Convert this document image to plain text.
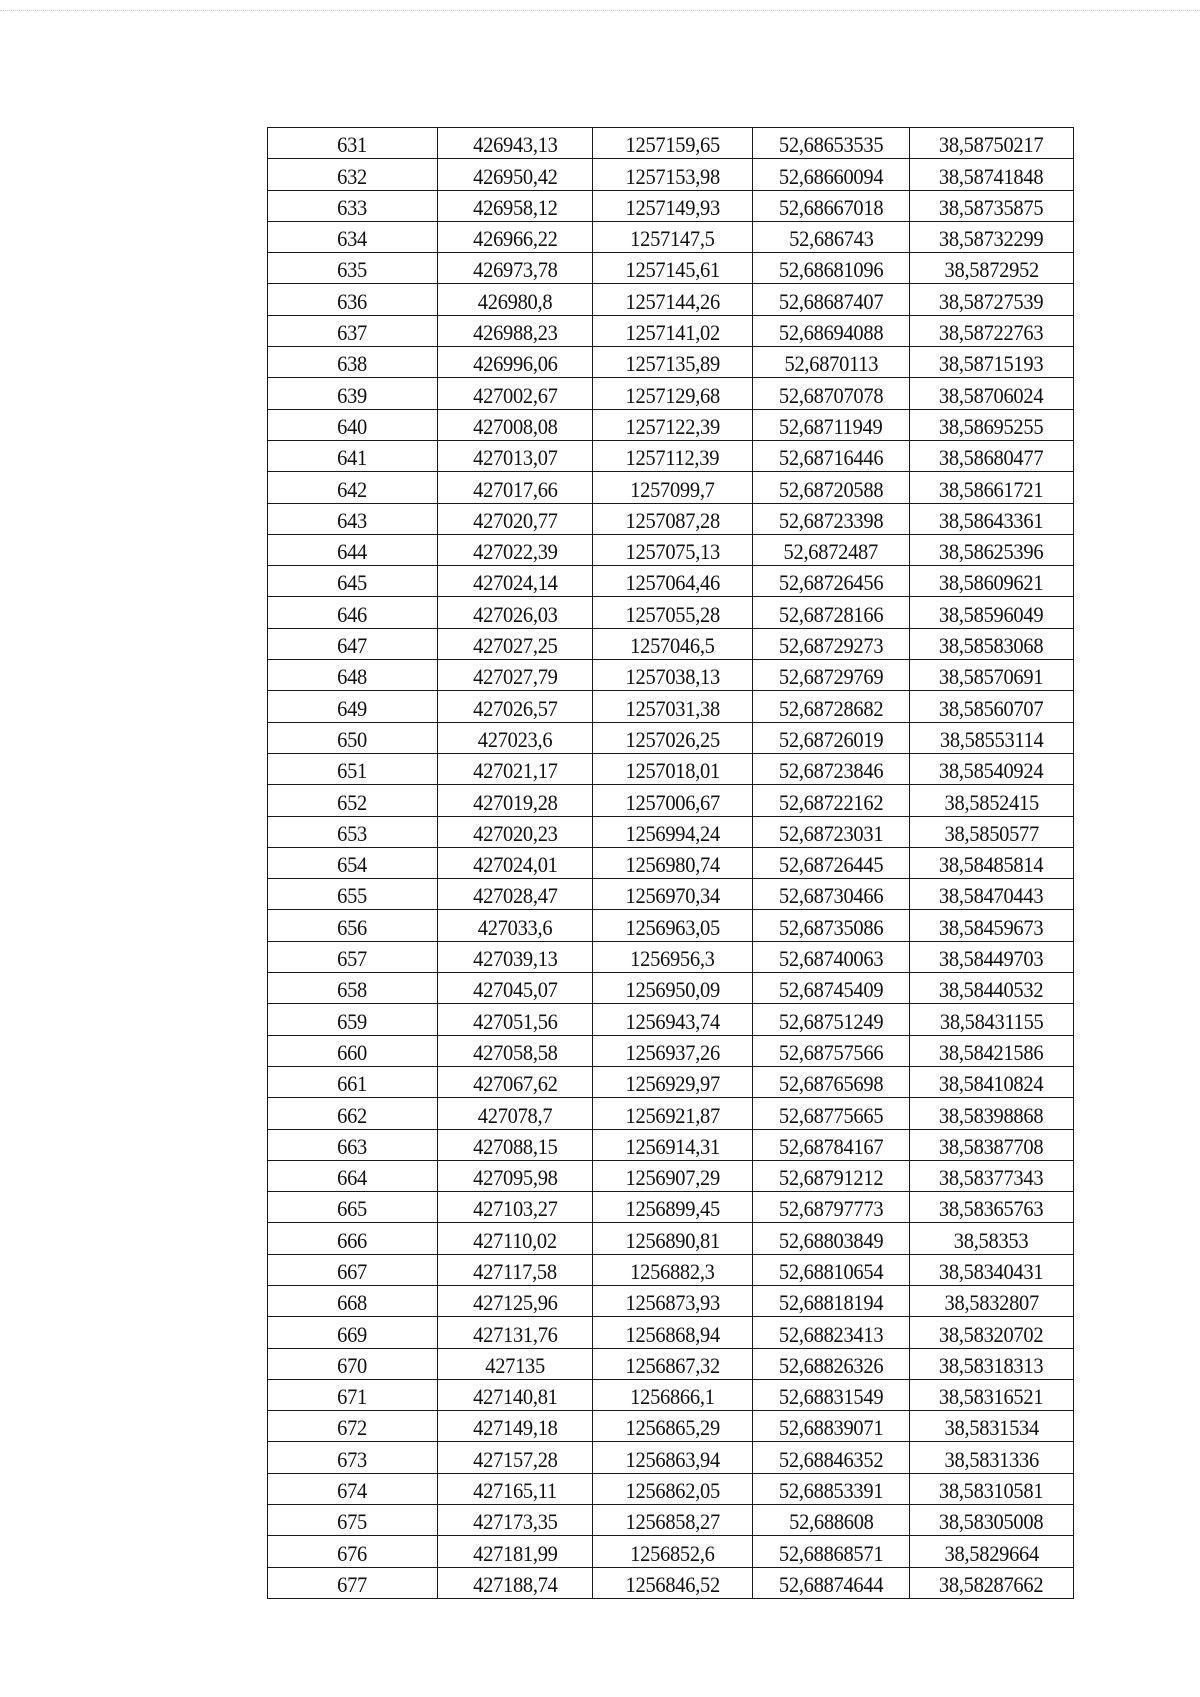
631	426943,13	1257159,65	52,68653535	38,58750217
632	426950,42	1257153,98	52,68660094	38,58741848
633	426958,12	1257149,93	52,68667018	38,58735875
634	426966,22	1257147,5	52,686743	38,58732299
635	426973,78	1257145,61	52,68681096	38,5872952
636	426980,8	1257144,26	52,68687407	38,58727539
637	426988,23	1257141,02	52,68694088	38,58722763
638	426996,06	1257135,89	52,6870113	38,58715193
639	427002,67	1257129,68	52,68707078	38,58706024
640	427008,08	1257122,39	52,68711949	38,58695255
641	427013,07	1257112,39	52,68716446	38,58680477
642	427017,66	1257099,7	52,68720588	38,58661721
643	427020,77	1257087,28	52,68723398	38,58643361
644	427022,39	1257075,13	52,6872487	38,58625396
645	427024,14	1257064,46	52,68726456	38,58609621
646	427026,03	1257055,28	52,68728166	38,58596049
647	427027,25	1257046,5	52,68729273	38,58583068
648	427027,79	1257038,13	52,68729769	38,58570691
649	427026,57	1257031,38	52,68728682	38,58560707
650	427023,6	1257026,25	52,68726019	38,58553114
651	427021,17	1257018,01	52,68723846	38,58540924
652	427019,28	1257006,67	52,68722162	38,5852415
653	427020,23	1256994,24	52,68723031	38,5850577
654	427024,01	1256980,74	52,68726445	38,58485814
655	427028,47	1256970,34	52,68730466	38,58470443
656	427033,6	1256963,05	52,68735086	38,58459673
657	427039,13	1256956,3	52,68740063	38,58449703
658	427045,07	1256950,09	52,68745409	38,58440532
659	427051,56	1256943,74	52,68751249	38,58431155
660	427058,58	1256937,26	52,68757566	38,58421586
661	427067,62	1256929,97	52,68765698	38,58410824
662	427078,7	1256921,87	52,68775665	38,58398868
663	427088,15	1256914,31	52,68784167	38,58387708
664	427095,98	1256907,29	52,68791212	38,58377343
665	427103,27	1256899,45	52,68797773	38,58365763
666	427110,02	1256890,81	52,68803849	38,58353
667	427117,58	1256882,3	52,68810654	38,58340431
668	427125,96	1256873,93	52,68818194	38,5832807
669	427131,76	1256868,94	52,68823413	38,58320702
670	427135	1256867,32	52,68826326	38,58318313
671	427140,81	1256866,1	52,68831549	38,58316521
672	427149,18	1256865,29	52,68839071	38,5831534
673	427157,28	1256863,94	52,68846352	38,5831336
674	427165,11	1256862,05	52,68853391	38,58310581
675	427173,35	1256858,27	52,688608	38,58305008
676	427181,99	1256852,6	52,68868571	38,5829664
677	427188,74	1256846,52	52,68874644	38,58287662
